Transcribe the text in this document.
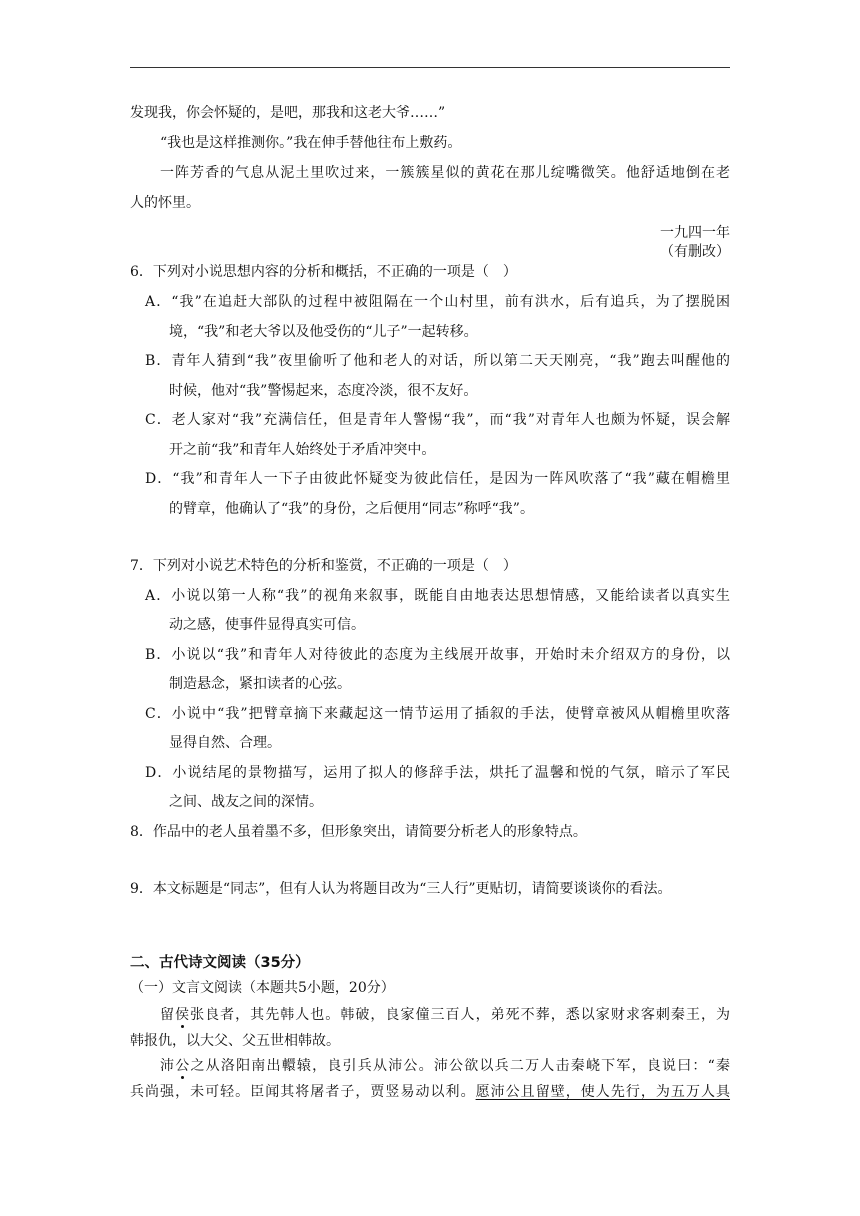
发现我，你会怀疑的，是吧，那我和这老大爷……”
“我也是这样推测你。”我在伸手替他往布上敷药。
一阵芳香的气息从泥土里吹过来，一簇簇星似的黄花在那儿绽嘴微笑。他舒适地倒在老
人的怀里。
一九四一年
（有删改）
6．下列对小说思想内容的分析和概括，不正确的一项是（　）
A．“我”在追赶大部队的过程中被阻隔在一个山村里，前有洪水，后有追兵，为了摆脱困
境，“我”和老大爷以及他受伤的“儿子”一起转移。
B．青年人猜到“我”夜里偷听了他和老人的对话，所以第二天天刚亮，“我”跑去叫醒他的
时候，他对“我”警惕起来，态度冷淡，很不友好。
C．老人家对“我”充满信任，但是青年人警惕“我”，而“我”对青年人也颇为怀疑，误会解
开之前“我”和青年人始终处于矛盾冲突中。
D．“我”和青年人一下子由彼此怀疑变为彼此信任，是因为一阵风吹落了“我”藏在帽檐里
的臂章，他确认了“我”的身份，之后便用“同志”称呼“我”。
7．下列对小说艺术特色的分析和鉴赏，不正确的一项是（　）
A．小说以第一人称“我”的视角来叙事，既能自由地表达思想情感，又能给读者以真实生
动之感，使事件显得真实可信。
B．小说以“我”和青年人对待彼此的态度为主线展开故事，开始时未介绍双方的身份，以
制造悬念，紧扣读者的心弦。
C．小说中“我”把臂章摘下来藏起这一情节运用了插叙的手法，使臂章被风从帽檐里吹落
显得自然、合理。
D．小说结尾的景物描写，运用了拟人的修辞手法，烘托了温馨和悦的气氛，暗示了军民
之间、战友之间的深情。
8．作品中的老人虽着墨不多，但形象突出，请简要分析老人的形象特点。
9．本文标题是“同志”，但有人认为将题目改为“三人行”更贴切，请简要谈谈你的看法。
二、古代诗文阅读（35分）
（一）文言文阅读（本题共5小题，20分）
留侯张良者，其先韩人也。韩破，良家僮三百人，弟死不葬，悉以家财求客刺秦王，为
韩报仇，以大父、父五世相韩故。
沛公之从洛阳南出轘辕，良引兵从沛公。沛公欲以兵二万人击秦峣下军，良说曰：“秦
兵尚强，未可轻。臣闻其将屠者子，贾竖易动以利。愿沛公且留壁，使人先行，为五万人具
